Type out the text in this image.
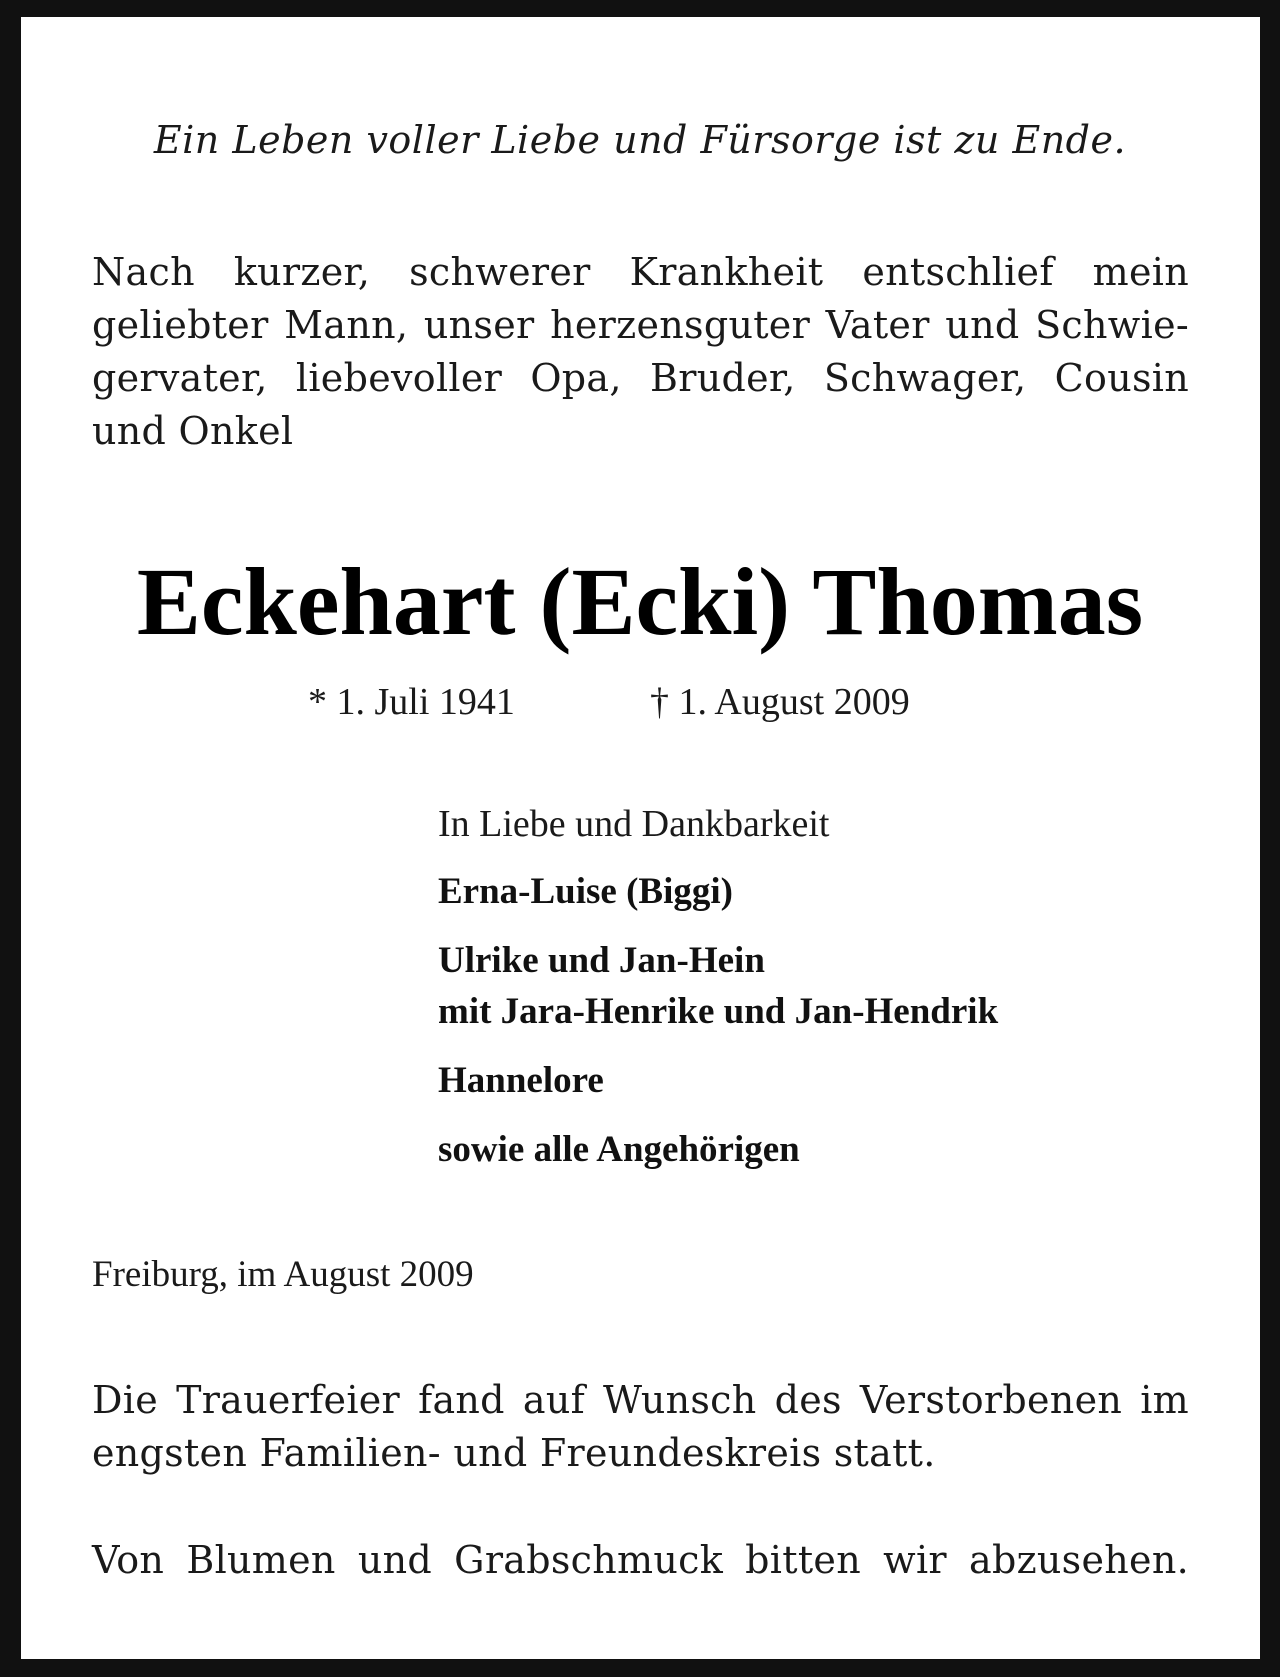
Ein Leben voller Liebe und Fürsorge ist zu Ende.
Nach kurzer, schwerer Krankheit entschlief mein
geliebter Mann, unser herzensguter Vater und Schwie-
gervater, liebevoller Opa, Bruder, Schwager, Cousin
und Onkel
Eckehart (Ecki) Thomas
* 1. Juli 1941	† 1. August 2009
In Liebe und Dankbarkeit
Erna-Luise (Biggi)
Ulrike und Jan-Hein
mit Jara-Henrike und Jan-Hendrik
Hannelore
sowie alle Angehörigen
Freiburg, im August 2009
Die Trauerfeier fand auf Wunsch des Verstorbenen im
engsten Familien- und Freundeskreis statt.
Von Blumen und Grabschmuck bitten wir abzusehen.
